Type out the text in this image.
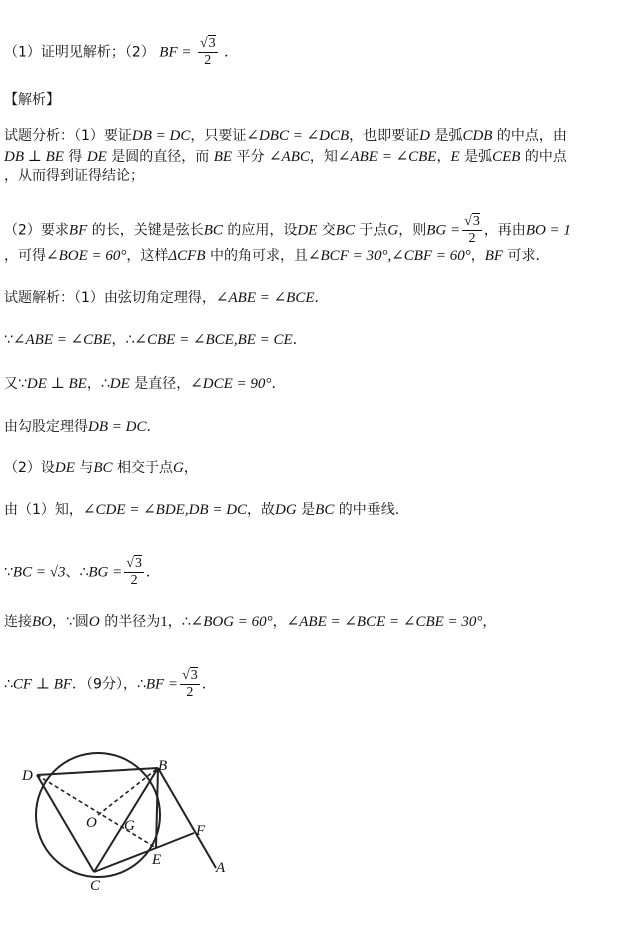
（1）证明见解析；（2） BF = $\frac{√3}{2}$ ．
【解析】
试题分析：（1）要证DB = DC，只要证∠DBC = ∠DCB，也即要证D 是弧CDB 的中点，由
DB ⊥ BE 得 DE 是圆的直径，而 BE 平分 ∠ABC，知∠ABE = ∠CBE，E 是弧CEB 的中点
，从而得到证得结论；
（2）要求BF 的长，关键是弦长BC 的应用，设DE 交BC 于点G，则BG = $\frac{√3}{2}$ ，再由BO = 1
，可得∠BOE = 60°，这样ΔCFB 中的角可求，且∠BCF = 30°,∠CBF = 60°，BF 可求．
试题解析：（1）由弦切角定理得，∠ABE = ∠BCE．
∵∠ABE = ∠CBE，∴∠CBE = ∠BCE,BE = CE．
又∵DE ⊥ BE，∴DE 是直径，∠DCE = 90°．
由勾股定理得DB = DC．
（2）设DE 与BC 相交于点G，
由（1）知，∠CDE = ∠BDE,DB = DC，故DG 是BC 的中垂线.
∵BC = √3、∴BG = $\frac{√3}{2}$ ．
连接BO，∵圆O 的半径为1，∴∠BOG = 60°，∠ABE = ∠BCE = ∠CBE = 30°，
∴CF ⊥ BF．（9分），∴BF = $\frac{√3}{2}$ ．
D
B
O G	F
E	A
C
